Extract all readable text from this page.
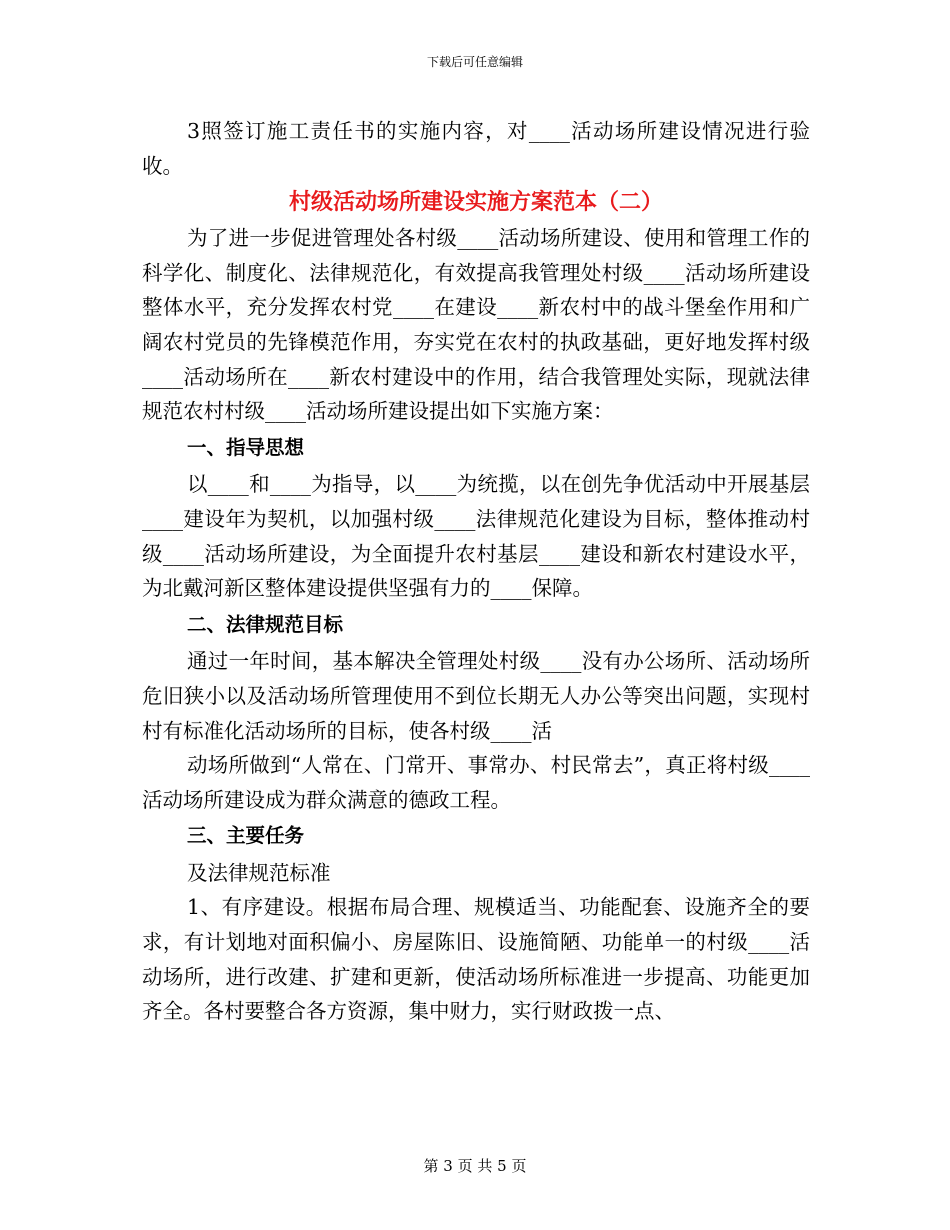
下载后可任意编辑

3照签订施工责任书的实施内容，对____活动场所建设情况进行验收。

村级活动场所建设实施方案范本（二）

为了进一步促进管理处各村级____活动场所建设、使用和管理工作的科学化、制度化、法律规范化，有效提高我管理处村级____活动场所建设整体水平，充分发挥农村党____在建设____新农村中的战斗堡垒作用和广阔农村党员的先锋模范作用，夯实党在农村的执政基础，更好地发挥村级____活动场所在____新农村建设中的作用，结合我管理处实际，现就法律规范农村村级____活动场所建设提出如下实施方案：

一、指导思想

以____和____为指导，以____为统揽，以在创先争优活动中开展基层____建设年为契机，以加强村级____法律规范化建设为目标，整体推动村级____活动场所建设，为全面提升农村基层____建设和新农村建设水平，为北戴河新区整体建设提供坚强有力的____保障。

二、法律规范目标

通过一年时间，基本解决全管理处村级____没有办公场所、活动场所危旧狭小以及活动场所管理使用不到位长期无人办公等突出问题，实现村村有标准化活动场所的目标，使各村级____活

动场所做到“人常在、门常开、事常办、村民常去”，真正将村级____活动场所建设成为群众满意的德政工程。

三、主要任务

及法律规范标准

1、有序建设。根据布局合理、规模适当、功能配套、设施齐全的要求，有计划地对面积偏小、房屋陈旧、设施简陋、功能单一的村级____活动场所，进行改建、扩建和更新，使活动场所标准进一步提高、功能更加齐全。各村要整合各方资源，集中财力，实行财政拨一点、

第 3 页 共 5 页
